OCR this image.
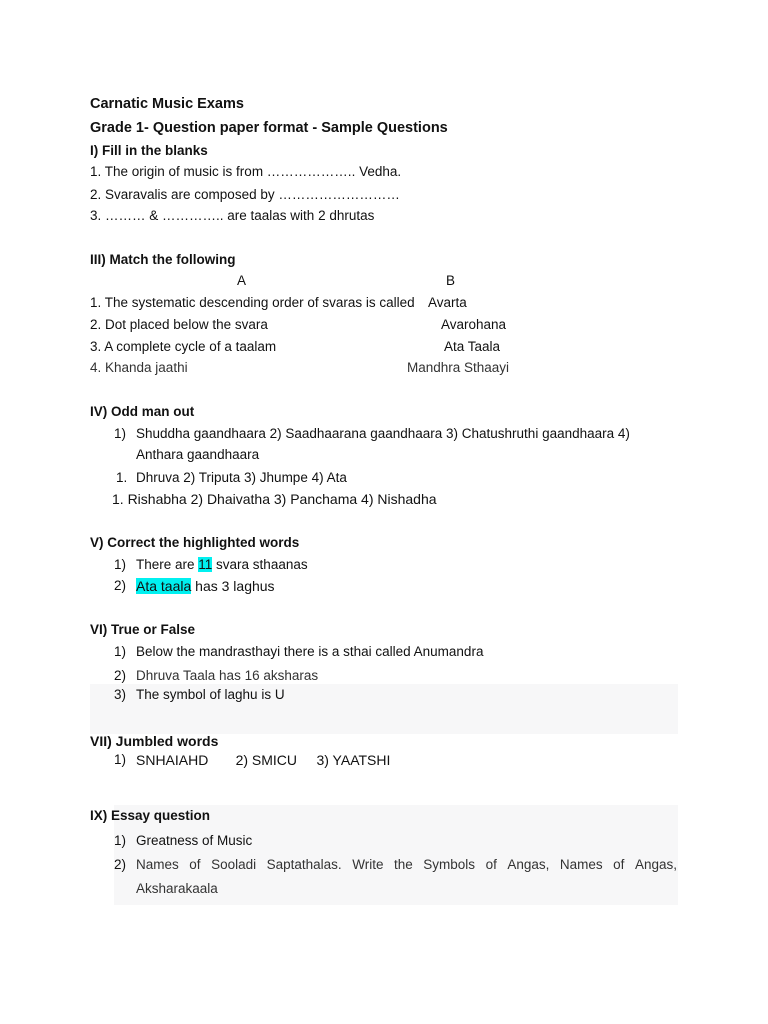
Carnatic Music Exams
Grade 1- Question paper format - Sample Questions
I) Fill in the blanks
1. The origin of music is from ……………….. Vedha.
2. Svaravalis are composed by ………………………
3. ……… & ………….. are taalas with 2 dhrutas
III) Match the following
A	B
1. The systematic descending order of svaras is called Avarta
2. Dot placed below the svara	Avarohana
3. A complete cycle of a taalam	Ata Taala
4. Khanda jaathi	Mandhra Sthaayi
IV) Odd man out
1) Shuddha gaandhaara 2) Saadhaarana gaandhaara 3) Chatushruthi gaandhaara 4)
Anthara gaandhaara
1. Dhruva 2) Triputa 3) Jhumpe 4) Ata
1. Rishabha 2) Dhaivatha 3) Panchama 4) Nishadha
V) Correct the highlighted words
1) There are 11 svara sthaanas
2) Ata taala has 3 laghus
VI) True or False
1) Below the mandrasthayi there is a sthai called Anumandra
2) Dhruva Taala has 16 aksharas
3) The symbol of laghu is U
VII) Jumbled words
1) SNHAIAHD       2) SMICU     3) YAATSHI
IX) Essay question
1) Greatness of Music
2) Names of Sooladi Saptathalas. Write the Symbols of Angas, Names of Angas,
Aksharakaala
